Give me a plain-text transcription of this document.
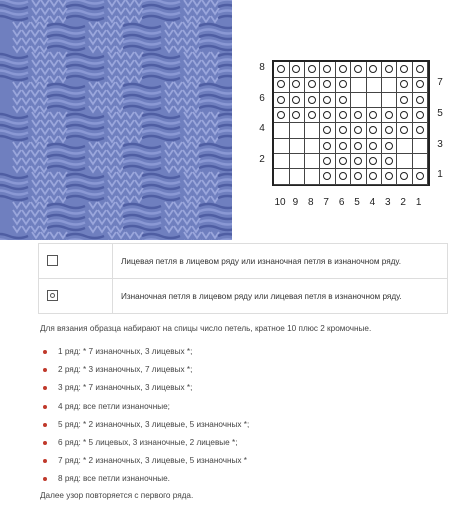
8
6
4
2
7
5
3
1
10 9 8 7 6 5 4 3 2 1
	Лицевая петля в лицевом ряду или изнаночная петля в изнаночном ряду.
	Изнаночная петля в лицевом ряду или лицевая петля в изнаночном ряду.
Для вязания образца набирают на спицы число петель, кратное 10 плюс 2 кромочные.
1 ряд: * 7 изнаночных, 3 лицевых *;
2 ряд: * 3 изнаночных, 7 лицевых *;
3 ряд: * 7 изнаночных, 3 лицевых *;
4 ряд: все петли изнаночные;
5 ряд: * 2 изнаночных, 3 лицевые, 5 изнаночных *;
6 ряд: * 5 лицевых, 3 изнаночные, 2 лицевые *;
7 ряд: * 2 изнаночных, 3 лицевые, 5 изнаночных *
8 ряд: все петли изнаночные.
Далее узор повторяется с первого ряда.
